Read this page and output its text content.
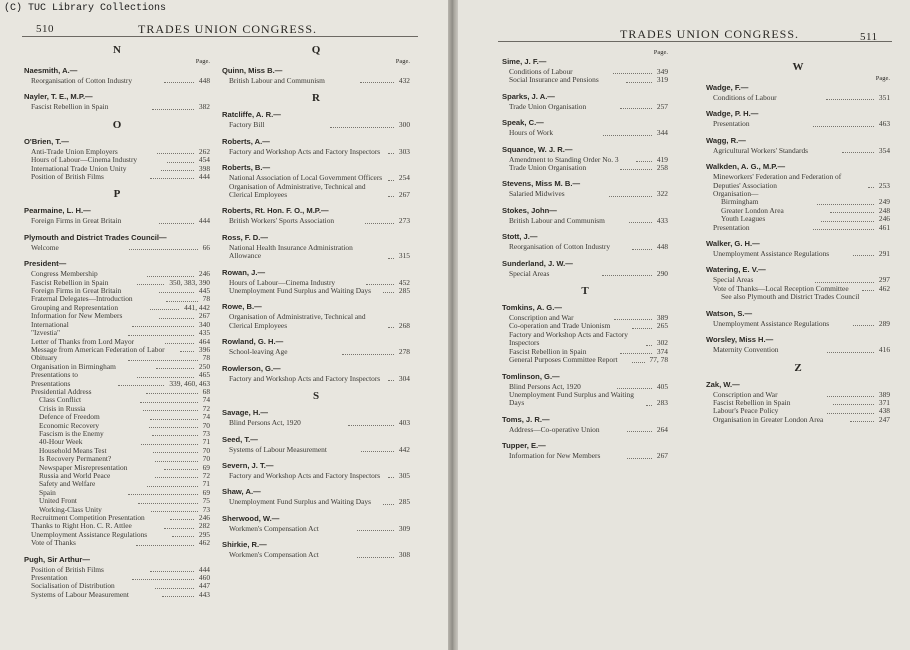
(C) TUC Library Collections
510	TRADES UNION CONGRESS.
N
Page.
Naesmith, A.—
Reorganisation of Cotton Industry	448
Nayler, T. E., M.P.—
Fascist Rebellion in Spain	382
O
O'Brien, T.—
Anti-Trade Union Employers	262
Hours of Labour—Cinema Industry	454
International Trade Union Unity	398
Position of British Films	444
P
Pearmaine, L. H.—
Foreign Firms in Great Britain	444
Plymouth and District Trades Council—
Welcome	66
President—
Congress Membership	246
Fascist Rebellion in Spain	350, 383, 390
Foreign Firms in Great Britain	445
Fraternal Delegates—Introduction	78
Grouping and Representation	441, 442
Information for New Members	267
International	340
"Izvestia"	435
Letter of Thanks from Lord Mayor	464
Message from American Federation of Labor	396
Obituary	78
Organisation in Birmingham	250
Presentations to	465
Presentations	339, 460, 463
Presidential Address	68
Class Conflict	74
Crisis in Russia	72
Defence of Freedom	74
Economic Recovery	70
Fascism is the Enemy	73
40-Hour Week	71
Household Means Test	70
Is Recovery Permanent?	70
Newspaper Misrepresentation	69
Russia and World Peace	72
Safety and Welfare	71
Spain	69
United Front	75
Working-Class Unity	73
Recruitment Competition Presentation	246
Thanks to Right Hon. C. R. Attlee	282
Unemployment Assistance Regulations	295
Vote of Thanks	462
Pugh, Sir Arthur—
Position of British Films	444
Presentation	460
Socialisation of Distribution	447
Systems of Labour Measurement	443
Q
Page.
Quinn, Miss B.—
British Labour and Communism	432
R
Ratcliffe, A. R.—
Factory Bill	300
Roberts, A.—
Factory and Workshop Acts and Factory Inspectors	303
Roberts, B.—
National Association of Local Government Officers	254
Organisation of Administrative, Technical and Clerical Employees	267
Roberts, Rt. Hon. F. O., M.P.—
British Workers' Sports Association	273
Ross, F. D.—
National Health Insurance Administration Allowance	315
Rowan, J.—
Hours of Labour—Cinema Industry	452
Unemployment Fund Surplus and Waiting Days	285
Rowe, B.—
Organisation of Administrative, Technical and Clerical Employees	268
Rowland, G. H.—
School-leaving Age	278
Rowlerson, G.—
Factory and Workshop Acts and Factory Inspectors	304
S
Savage, H.—
Blind Persons Act, 1920	403
Seed, T.—
Systems of Labour Measurement	442
Severn, J. T.—
Factory and Workshop Acts and Factory Inspectors	305
Shaw, A.—
Unemployment Fund Surplus and Waiting Days	285
Sherwood, W.—
Workmen's Compensation Act	309
Shirkie, R.—
Workmen's Compensation Act	308
TRADES UNION CONGRESS.	511
Page.
Sime, J. F.—
Conditions of Labour	349
Social Insurance and Pensions	319
Sparks, J. A.—
Trade Union Organisation	257
Speak, C.—
Hours of Work	344
Squance, W. J. R.—
Amendment to Standing Order No. 3	419
Trade Union Organisation	258
Stevens, Miss M. B.—
Salaried Midwives	322
Stokes, John—
British Labour and Communism	433
Stott, J.—
Reorganisation of Cotton Industry	448
Sunderland, J. W.—
Special Areas	290
T
Tomkins, A. G.—
Conscription and War	389
Co-operation and Trade Unionism	265
Factory and Workshop Acts and Factory Inspectors	302
Fascist Rebellion in Spain	374
General Purposes Committee Report	77, 78
Tomlinson, G.—
Blind Persons Act, 1920	405
Unemployment Fund Surplus and Waiting Days	283
Toms, J. R.—
Address—Co-operative Union	264
Tupper, E.—
Information for New Members	267
W
Page.
Wadge, F.—
Conditions of Labour	351
Wadge, P. H.—
Presentation	463
Wagg, R.—
Agricultural Workers' Standards	354
Walkden, A. G., M.P.—
Mineworkers' Federation and Federation of Deputies' Association	253
Organisation—
Birmingham	249
Greater London Area	248
Youth Leagues	246
Presentation	461
Walker, G. H.—
Unemployment Assistance Regulations	291
Watering, E. V.—
Special Areas	297
Vote of Thanks—Local Reception Committee	462
See also Plymouth and District Trades Council
Watson, S.—
Unemployment Assistance Regulations	289
Worsley, Miss H.—
Maternity Convention	416
Z
Zak, W.—
Conscription and War	389
Fascist Rebellion in Spain	371
Labour's Peace Policy	438
Organisation in Greater London Area	247
